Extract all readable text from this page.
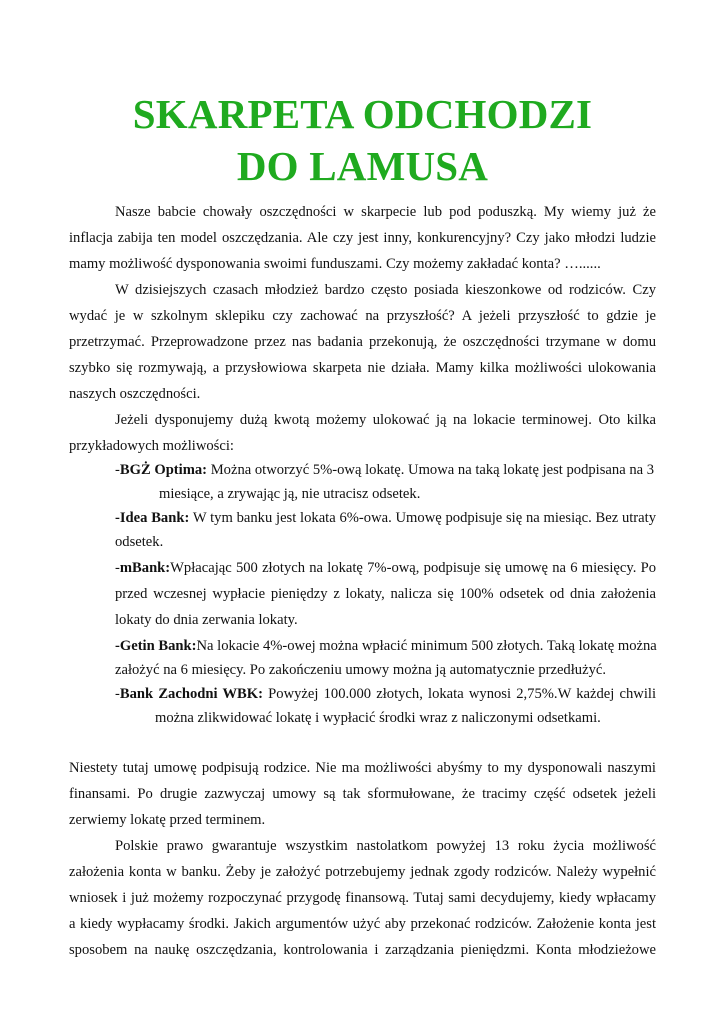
SKARPETA ODCHODZI
DO LAMUSA
Nasze babcie chowały oszczędności w skarpecie lub pod poduszką. My wiemy już że
inflacja zabija ten model oszczędzania. Ale czy jest inny, konkurencyjny? Czy jako młodzi ludzie
mamy możliwość dysponowania swoimi funduszami. Czy możemy zakładać konta? …......
W dzisiejszych czasach młodzież bardzo często posiada kieszonkowe od rodziców. Czy
wydać je w szkolnym sklepiku czy zachować na przyszłość? A jeżeli przyszłość to gdzie je
przetrzymać. Przeprowadzone przez nas badania przekonują, że oszczędności trzymane w domu
szybko się rozmywają, a przysłowiowa skarpeta nie działa. Mamy kilka możliwości ulokowania
naszych oszczędności.
Jeżeli dysponujemy dużą kwotą możemy ulokować ją na lokacie terminowej. Oto kilka
przykładowych możliwości:
-BGŻ Optima: Można otworzyć 5%-ową lokatę. Umowa na taką lokatę jest podpisana na 3
miesiące, a zrywając ją, nie utracisz odsetek.
-Idea Bank: W tym banku jest lokata 6%-owa. Umowę podpisuje się na miesiąc. Bez utraty
odsetek.
-mBank:Wpłacając 500 złotych na lokatę 7%-ową, podpisuje się umowę na 6 miesięcy. Po
przed wczesnej wypłacie pieniędzy z lokaty, nalicza się 100% odsetek od dnia założenia
lokaty do dnia zerwania lokaty.
-Getin Bank:Na lokacie 4%-owej można wpłacić minimum 500 złotych. Taką lokatę można
założyć na 6 miesięcy. Po zakończeniu umowy można ją automatycznie przedłużyć.
-Bank Zachodni WBK: Powyżej 100.000 złotych, lokata wynosi 2,75%.W każdej chwili
można zlikwidować lokatę i wypłacić środki wraz z naliczonymi odsetkami.
Niestety tutaj umowę podpisują rodzice. Nie ma możliwości abyśmy to my dysponowali naszymi
finansami. Po drugie zazwyczaj umowy są tak sformułowane, że tracimy część odsetek jeżeli
zerwiemy lokatę przed terminem.
Polskie prawo gwarantuje wszystkim nastolatkom powyżej 13 roku życia możliwość
założenia konta w banku. Żeby je założyć potrzebujemy jednak zgody rodziców. Należy wypełnić
wniosek i już możemy rozpoczynać przygodę finansową. Tutaj sami decydujemy, kiedy wpłacamy
a kiedy wypłacamy środki. Jakich argumentów użyć aby przekonać rodziców. Założenie konta jest
sposobem na naukę oszczędzania, kontrolowania i zarządzania pieniędzmi. Konta młodzieżowe
